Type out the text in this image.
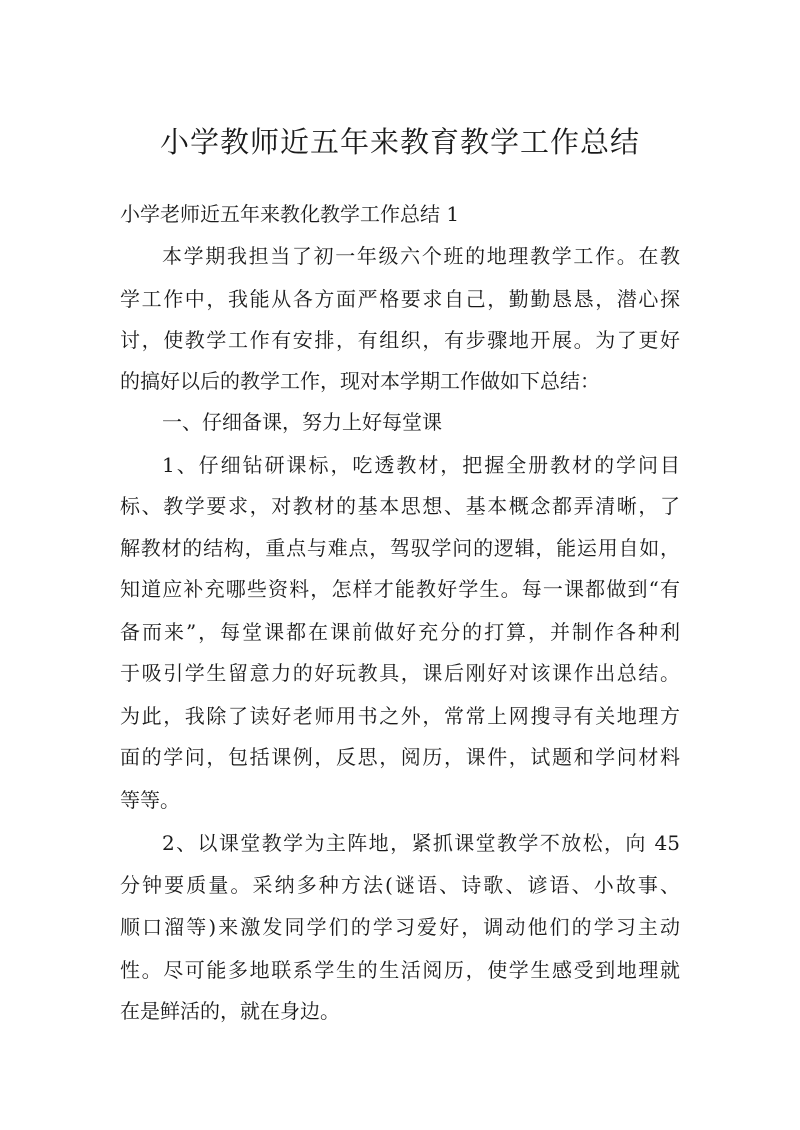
小学教师近五年来教育教学工作总结

小学老师近五年来教化教学工作总结 1

本学期我担当了初一年级六个班的地理教学工作。在教

学工作中，我能从各方面严格要求自己，勤勤恳恳，潜心探

讨，使教学工作有安排，有组织，有步骤地开展。为了更好

的搞好以后的教学工作，现对本学期工作做如下总结：

一、仔细备课，努力上好每堂课

1、仔细钻研课标，吃透教材，把握全册教材的学问目

标、教学要求，对教材的基本思想、基本概念都弄清晰，了

解教材的结构，重点与难点，驾驭学问的逻辑，能运用自如，

知道应补充哪些资料，怎样才能教好学生。每一课都做到“有

备而来”，每堂课都在课前做好充分的打算，并制作各种利

于吸引学生留意力的好玩教具，课后刚好对该课作出总结。

为此，我除了读好老师用书之外，常常上网搜寻有关地理方

面的学问，包括课例，反思，阅历，课件，试题和学问材料

等等。

2、以课堂教学为主阵地，紧抓课堂教学不放松，向 45

分钟要质量。采纳多种方法(谜语、诗歌、谚语、小故事、

顺口溜等)来激发同学们的学习爱好，调动他们的学习主动

性。尽可能多地联系学生的生活阅历，使学生感受到地理就

在是鲜活的，就在身边。
